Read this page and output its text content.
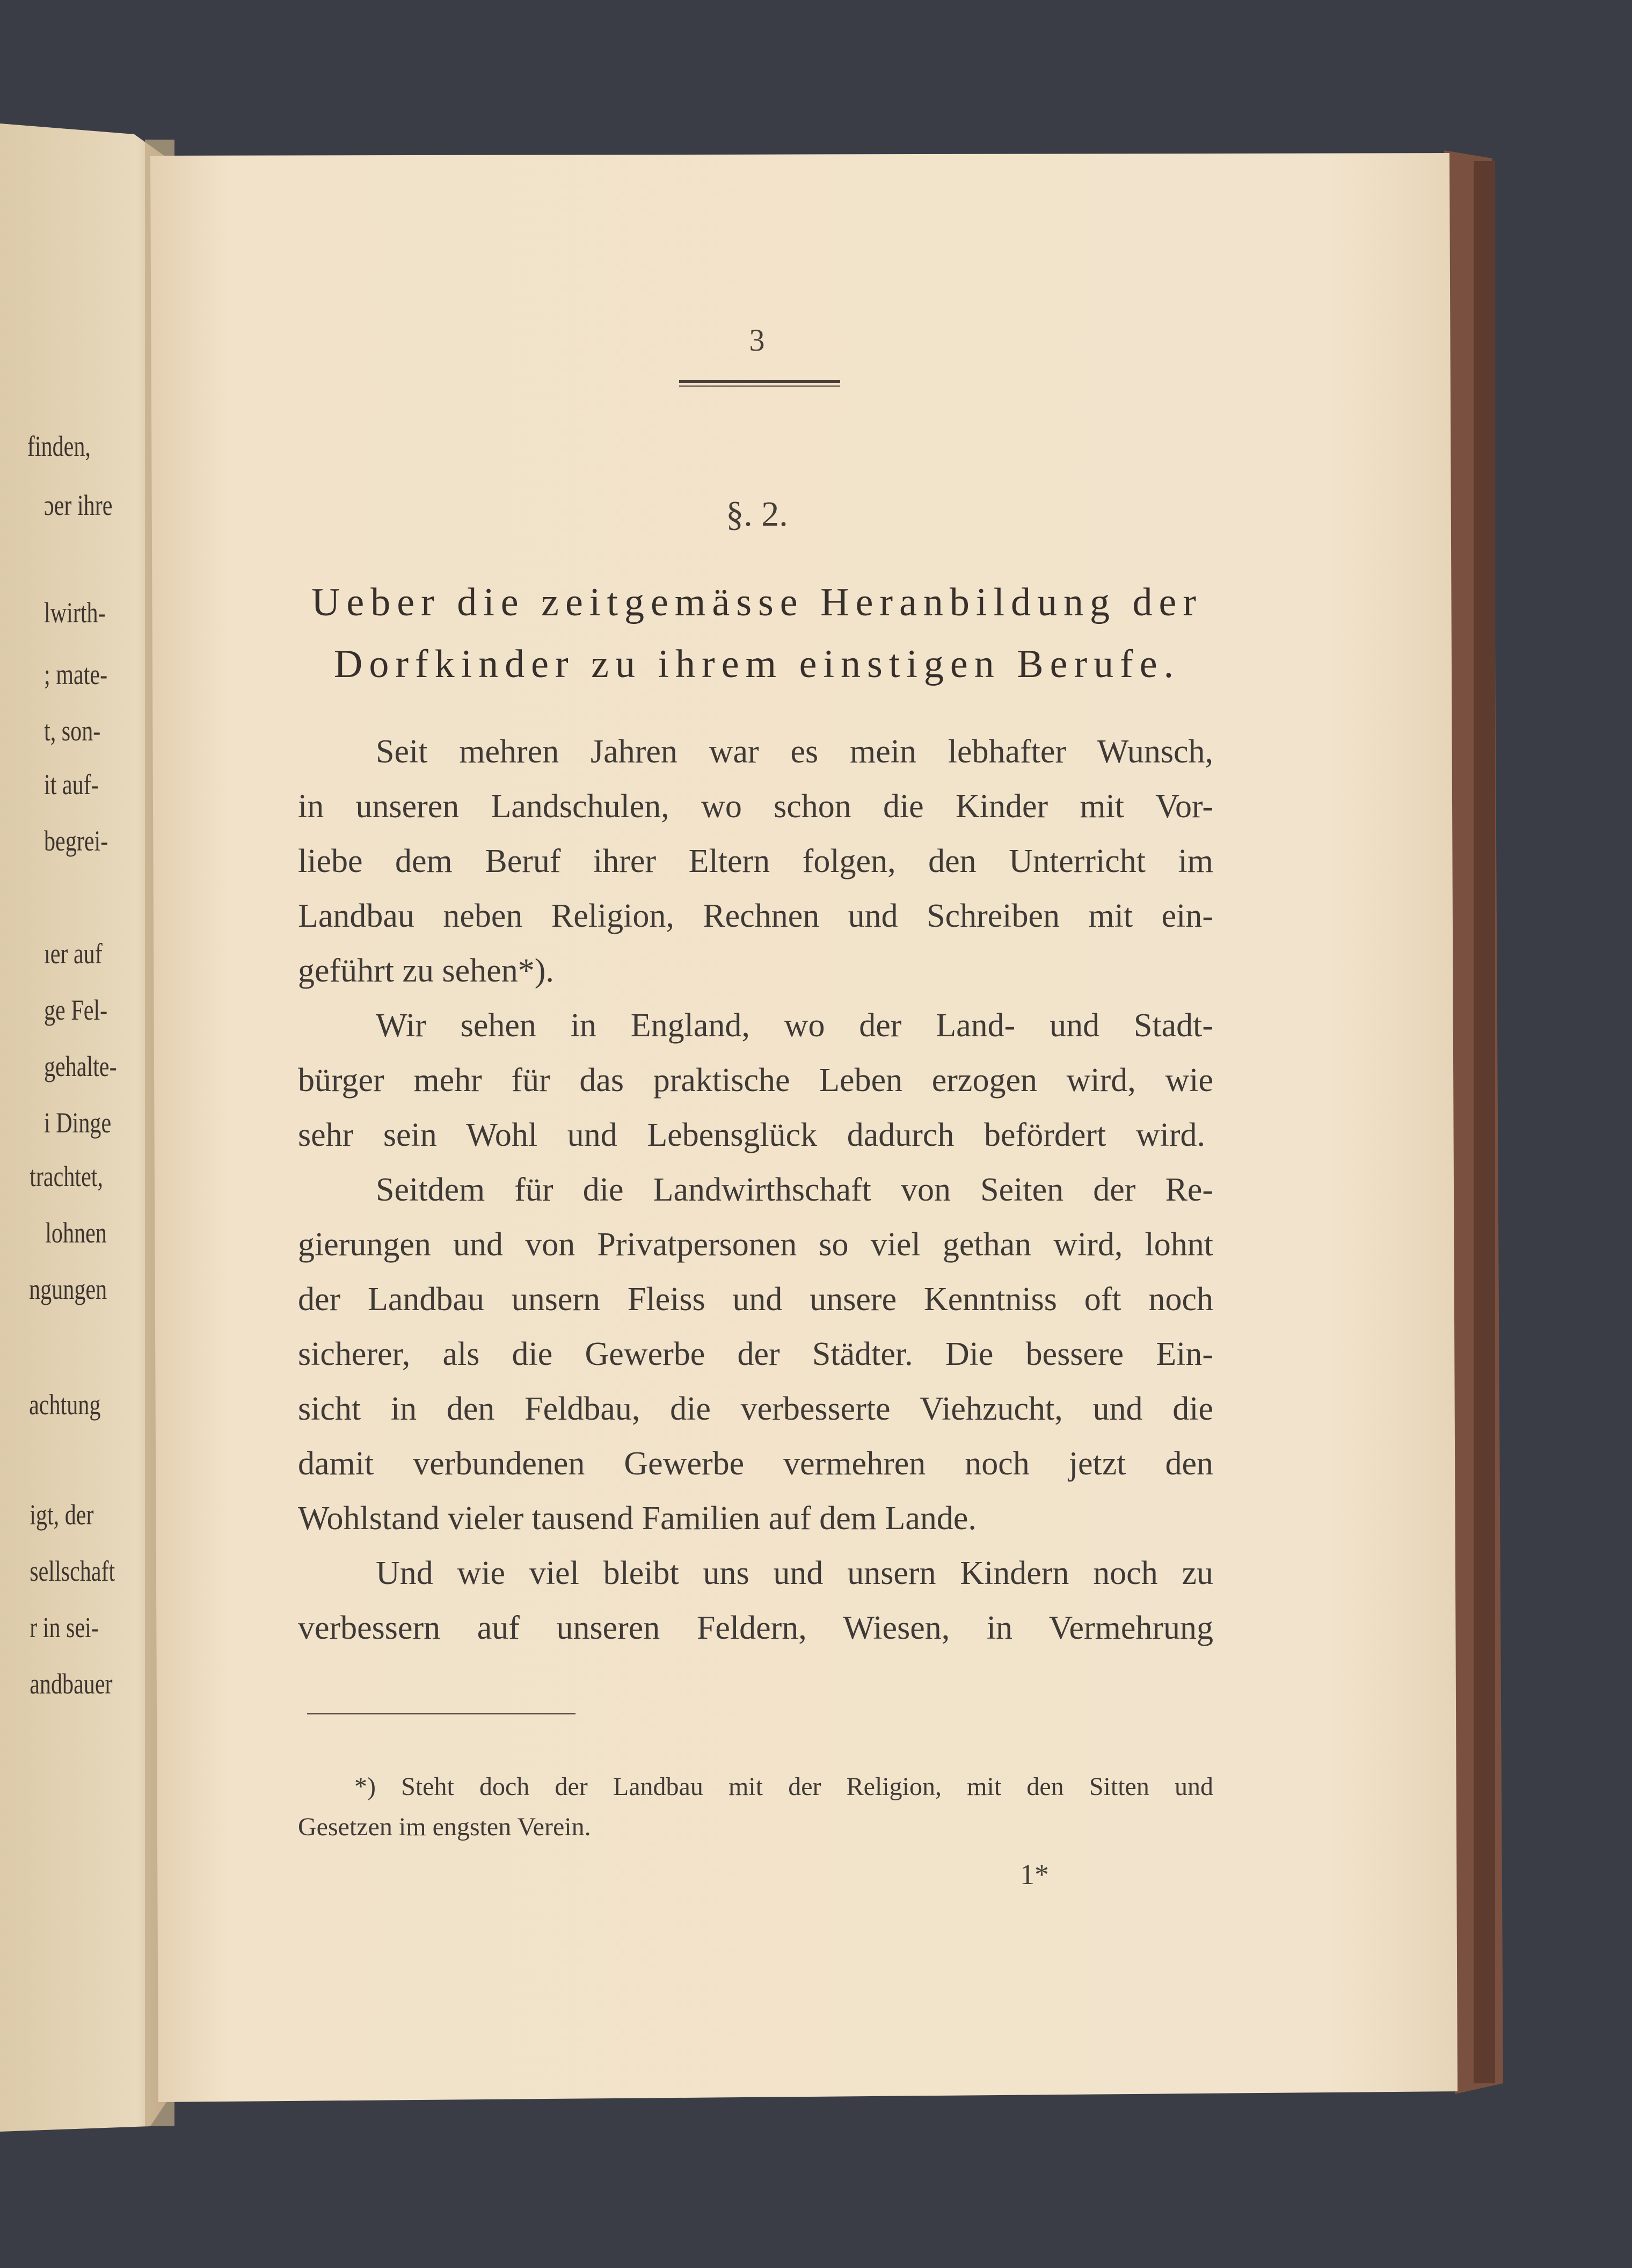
finden,
ɔer ihre
lwirth-
; mate-
t, son-
it auf-
begrei-
ıer auf
ge Fel-
gehalte-
i Dinge
trachtet,
lohnen
ngungen
achtung
igt, der
sellschaft
r in sei-
andbauer
3
§. 2.
Ueber die zeitgemässe Heranbildung der
Dorfkinder zu ihrem einstigen Berufe.
Seit mehren Jahren war es mein lebhafter Wunsch,
in unseren Landschulen, wo schon die Kinder mit Vor-
liebe dem Beruf ihrer Eltern folgen, den Unterricht im
Landbau neben Religion, Rechnen und Schreiben mit ein-
geführt zu sehen*).
Wir sehen in England, wo der Land- und Stadt-
bürger mehr für das praktische Leben erzogen wird, wie
sehr sein Wohl und Lebensglück dadurch befördert wird.
Seitdem für die Landwirthschaft von Seiten der Re-
gierungen und von Privatpersonen so viel gethan wird, lohnt
der Landbau unsern Fleiss und unsere Kenntniss oft noch
sicherer, als die Gewerbe der Städter. Die bessere Ein-
sicht in den Feldbau, die verbesserte Viehzucht, und die
damit verbundenen Gewerbe vermehren noch jetzt den
Wohlstand vieler tausend Familien auf dem Lande.
Und wie viel bleibt uns und unsern Kindern noch zu
verbessern auf unseren Feldern, Wiesen, in Vermehrung
*) Steht doch der Landbau mit der Religion, mit den Sitten und
Gesetzen im engsten Verein.
1*
